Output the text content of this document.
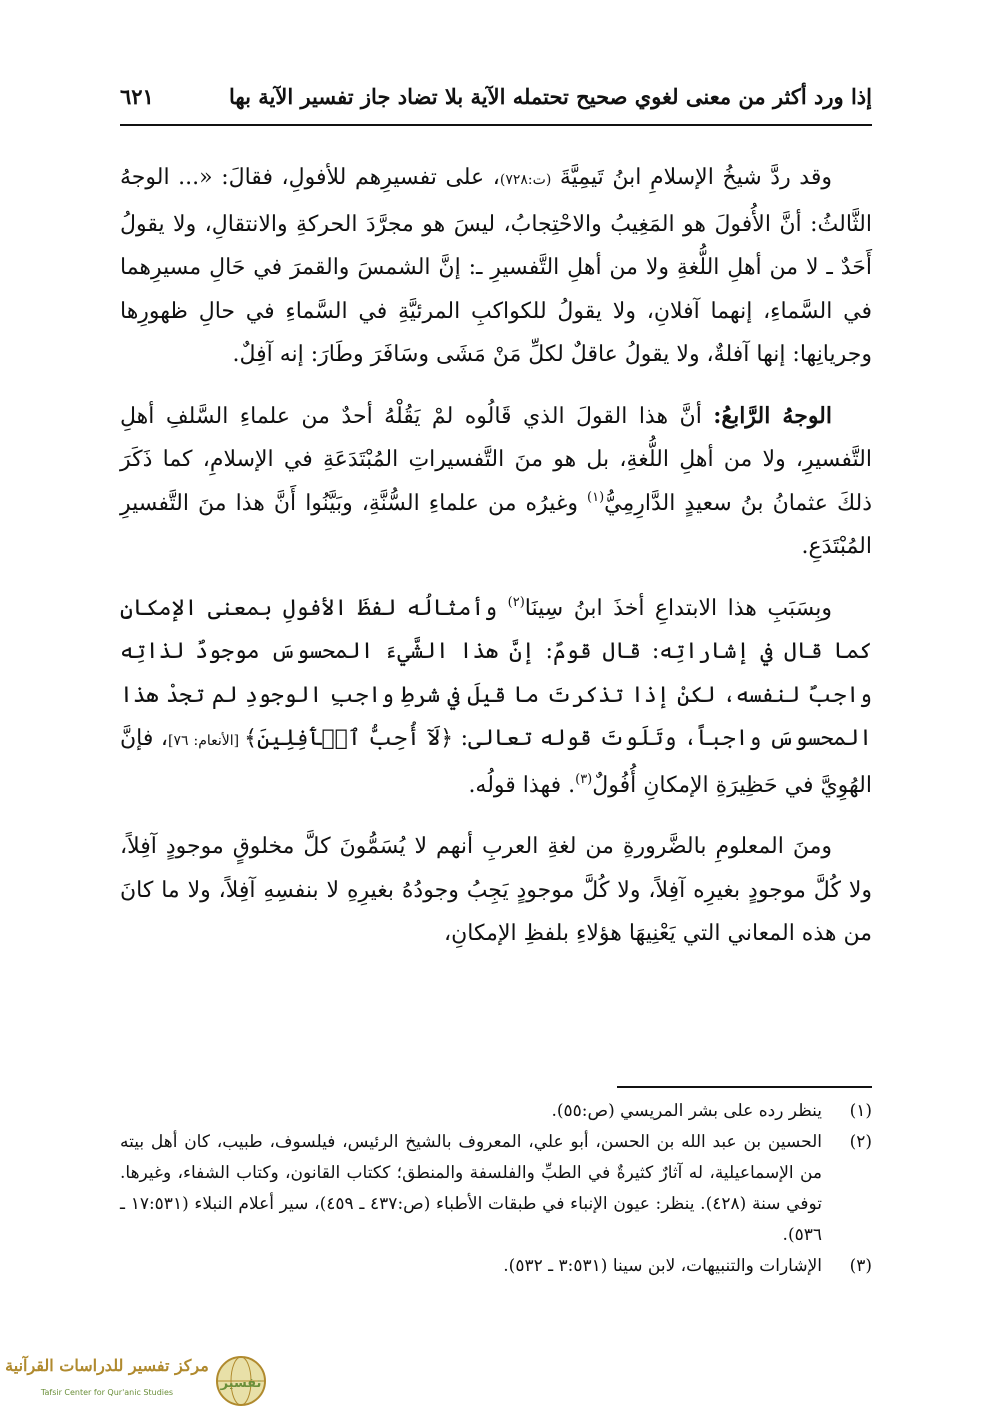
إذا ورد أكثر من معنى لغوي صحيح تحتمله الآية بلا تضاد جاز تفسير الآية بها
٦٢١

وقد ردَّ شيخُ الإسلامِ ابنُ تَيمِيَّةَ (ت:٧٢٨)، على تفسيرِهم للأفولِ، فقالَ: «... الوجهُ الثَّالثُ: أنَّ الأُفولَ هو المَغِيبُ والاحْتِجابُ، ليسَ هو مجرَّدَ الحركةِ والانتقالِ، ولا يقولُ أَحَدٌ ـ لا من أهلِ اللُّغةِ ولا من أهلِ التَّفسيرِ ـ: إنَّ الشمسَ والقمرَ في حَالِ مسيرِهما في السَّماءِ، إنهما آفلانِ، ولا يقولُ للكواكبِ المرئيَّةِ في السَّماءِ في حالِ ظهورِها وجريانِها: إنها آفلةٌ، ولا يقولُ عاقلٌ لكلِّ مَنْ مَشَى وسَافَرَ وطَارَ: إنه آفِلٌ.

الوجهُ الرَّابعُ: أنَّ هذا القولَ الذي قَالُوه لمْ يَقُلْهُ أحدٌ من علماءِ السَّلفِ أهلِ التَّفسيرِ، ولا من أهلِ اللُّغةِ، بل هو منَ التَّفسيراتِ المُبْتَدَعَةِ في الإسلامِ، كما ذَكَرَ ذلكَ عثمانُ بنُ سعيدٍ الدَّارِمِيُّ$^{(١)}$ وغيرُه من علماءِ السُّنَّةِ، وبَيَّنُوا أَنَّ هذا منَ التَّفسيرِ المُبْتَدَعِ.

وبِسَبَبِ هذا الابتداعِ أخذَ ابنُ سِينَا$^{(٢)}$ وأمثالُه لفظَ الأفولِ بمعنى الإمكانِ كما قال في إشاراتِه: قال قومٌ: إنَّ هذا الشَّيءَ المحسوسَ موجودٌ لذاتِه واجبٌ لنفسه، لكنْ إذا تذكرتَ ما قيلَ في شرطِ واجبِ الوجودِ لم تجدْ هذا المحسوسَ واجباً، وتَلَوتَ قوله تعالى: ﴿لَآ أُحِبُّ ٱلۡأٓفِلِينَ﴾ [الأنعام: ٧٦]، فإنَّ الهُوِيَّ في حَظِيرَةِ الإمكانِ أُفُولٌ$^{(٣)}$. فهذا قولُه.

ومنَ المعلومِ بالضَّرورةِ من لغةِ العربِ أنهم لا يُسَمُّونَ كلَّ مخلوقٍ موجودٍ آفِلاً، ولا كُلَّ موجودٍ بغيرِه آفِلاً، ولا كُلَّ موجودٍ يَجِبُ وجودُهُ بغيرِهِ لا بنفسِهِ آفِلاً، ولا ما كانَ من هذه المعاني التي يَعْنِيهَا هؤلاءِ بلفظِ الإمكانِ،

(١)
ينظر رده على بشر المريسي (ص:٥٥).
(٢)
الحسين بن عبد الله بن الحسن، أبو علي، المعروف بالشيخ الرئيس، فيلسوف، طبيب، كان أهل بيته من الإسماعيلية، له آثارٌ كثيرةٌ في الطبِّ والفلسفة والمنطق؛ ككتاب القانون، وكتاب الشفاء، وغيرها. توفي سنة (٤٢٨). ينظر: عيون الإنباء في طبقات الأطباء (ص:٤٣٧ ـ ٤٥٩)، سير أعلام النبلاء (١٧:٥٣١ ـ ٥٣٦).
(٣)
الإشارات والتنبيهات، لابن سينا (٣:٥٣١ ـ ٥٣٢).
تفسير
مركز تفسير للدراسات القرآنية
Tafsir Center for Qur'anic Studies
